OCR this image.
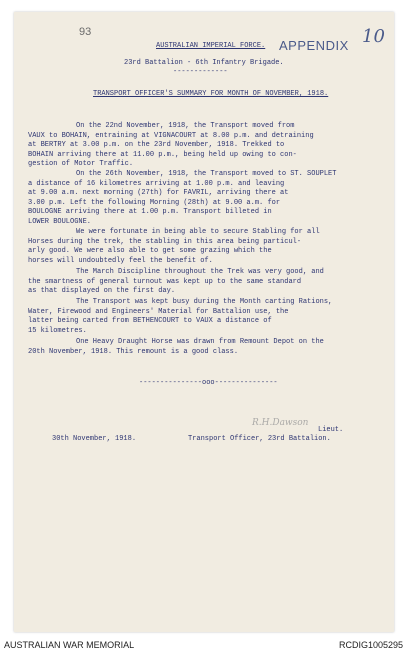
93
APPENDIX 10
AUSTRALIAN IMPERIAL FORCE.
23rd Battalion - 6th Infantry Brigade.
-------------
TRANSPORT OFFICER'S SUMMARY FOR MONTH OF NOVEMBER, 1918.
On the 22nd November, 1918, the Transport moved from
VAUX to BOHAIN, entraining at VIGNACOURT at 8.00 p.m. and detraining
at BERTRY at 3.00 p.m. on the 23rd November, 1918. Trekked to
BOHAIN arriving there at 11.00 p.m., being held up owing to con-
gestion of Motor Traffic.
On the 26th November, 1918, the Transport moved to ST. SOUPLET
a distance of 16 kilometres arriving at 1.00 p.m. and leaving
at 9.00 a.m. next morning (27th) for FAVRIL, arriving there at
3.00 p.m. Left the following Morning (28th) at 9.00 a.m. for
BOULOGNE arriving there at 1.00 p.m. Transport billeted in
LOWER BOULOGNE.
We were fortunate in being able to secure Stabling for all
Horses during the trek, the stabling in this area being particul-
arly good. We were also able to get some grazing which the
horses will undoubtedly feel the benefit of.
The March Discipline throughout the Trek was very good, and
the smartness of general turnout was kept up to the same standard
as that displayed on the first day.
The Transport was kept busy during the Month carting Rations,
Water, Firewood and Engineers' Material for Battalion use, the
latter being carted from BETHENCOURT to VAUX a distance of
15 kilometres.
One Heavy Draught Horse was drawn from Remount Depot on the
20th November, 1918. This remount is a good class.
---------------ooo---------------
R.H.Dawson
Lieut.
30th November, 1918.	Transport Officer, 23rd Battalion.
AUSTRALIAN WAR MEMORIAL	RCDIG1005295
